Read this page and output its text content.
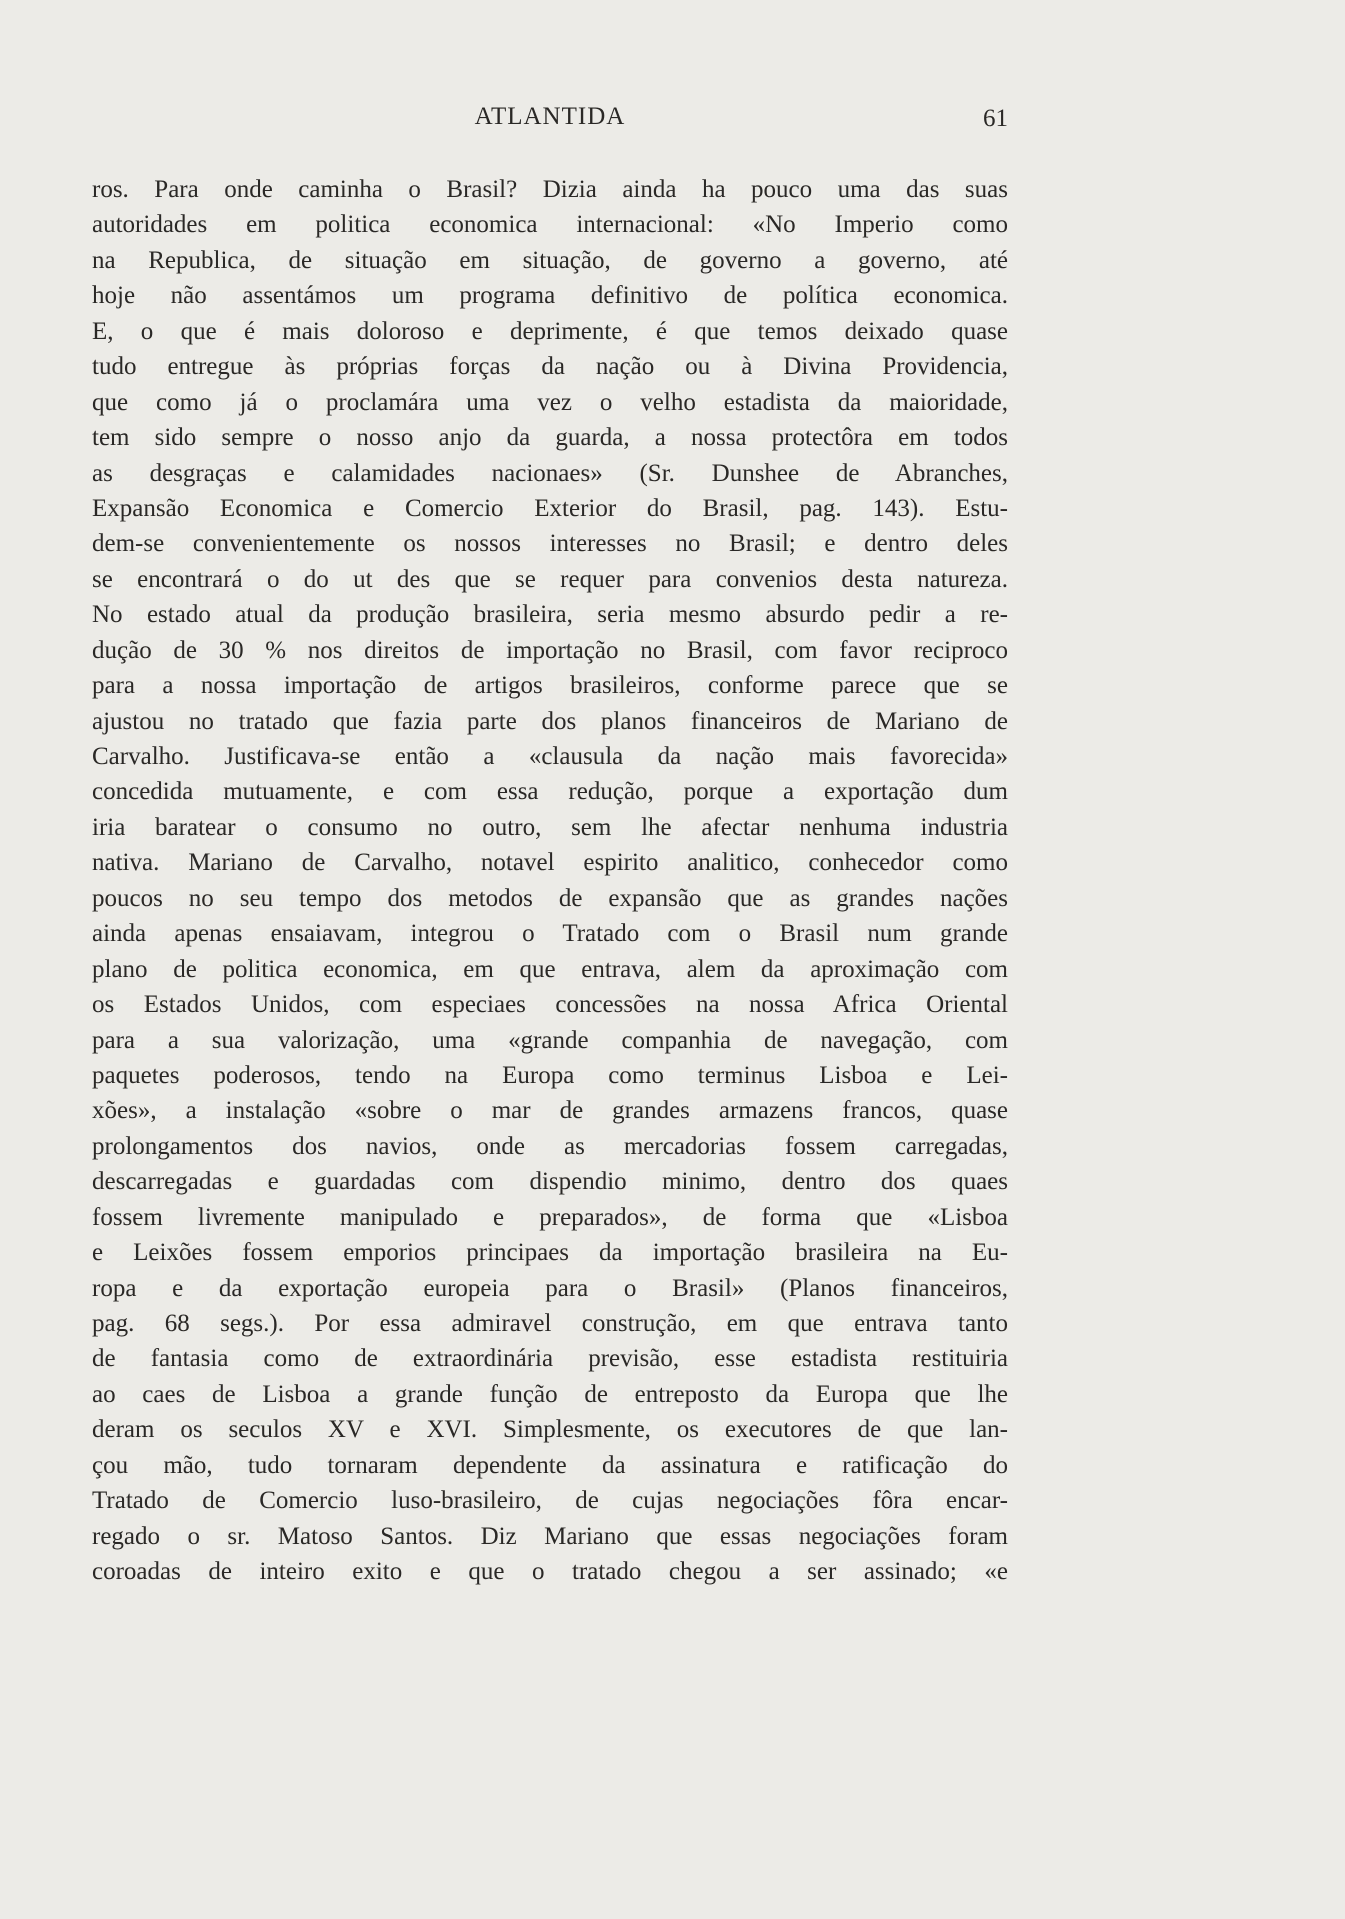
ATLANTIDA	61
ros. Para onde caminha o Brasil? Dizia ainda ha pouco uma das suas
autoridades em politica economica internacional: «No Imperio como
na Republica, de situação em situação, de governo a governo, até
hoje não assentámos um programa definitivo de política economica.
E, o que é mais doloroso e deprimente, é que temos deixado quase
tudo entregue às próprias forças da nação ou à Divina Providencia,
que como já o proclamára uma vez o velho estadista da maioridade,
tem sido sempre o nosso anjo da guarda, a nossa protectôra em todos
as desgraças e calamidades nacionaes» (Sr. Dunshee de Abranches,
Expansão Economica e Comercio Exterior do Brasil, pag. 143). Estu-
dem-se convenientemente os nossos interesses no Brasil; e dentro deles
se encontrará o do ut des que se requer para convenios desta natureza.
No estado atual da produção brasileira, seria mesmo absurdo pedir a re-
dução de 30 % nos direitos de importação no Brasil, com favor reciproco
para a nossa importação de artigos brasileiros, conforme parece que se
ajustou no tratado que fazia parte dos planos financeiros de Mariano de
Carvalho. Justificava-se então a «clausula da nação mais favorecida»
concedida mutuamente, e com essa redução, porque a exportação dum
iria baratear o consumo no outro, sem lhe afectar nenhuma industria
nativa. Mariano de Carvalho, notavel espirito analitico, conhecedor como
poucos no seu tempo dos metodos de expansão que as grandes nações
ainda apenas ensaiavam, integrou o Tratado com o Brasil num grande
plano de politica economica, em que entrava, alem da aproximação com
os Estados Unidos, com especiaes concessões na nossa Africa Oriental
para a sua valorização, uma «grande companhia de navegação, com
paquetes poderosos, tendo na Europa como terminus Lisboa e Lei-
xões», a instalação «sobre o mar de grandes armazens francos, quase
prolongamentos dos navios, onde as mercadorias fossem carregadas,
descarregadas e guardadas com dispendio minimo, dentro dos quaes
fossem livremente manipulado e preparados», de forma que «Lisboa
e Leixões fossem emporios principaes da importação brasileira na Eu-
ropa e da exportação europeia para o Brasil» (Planos financeiros,
pag. 68 segs.). Por essa admiravel construção, em que entrava tanto
de fantasia como de extraordinária previsão, esse estadista restituiria
ao caes de Lisboa a grande função de entreposto da Europa que lhe
deram os seculos XV e XVI. Simplesmente, os executores de que lan-
çou mão, tudo tornaram dependente da assinatura e ratificação do
Tratado de Comercio luso-brasileiro, de cujas negociações fôra encar-
regado o sr. Matoso Santos. Diz Mariano que essas negociações foram
coroadas de inteiro exito e que o tratado chegou a ser assinado; «e
